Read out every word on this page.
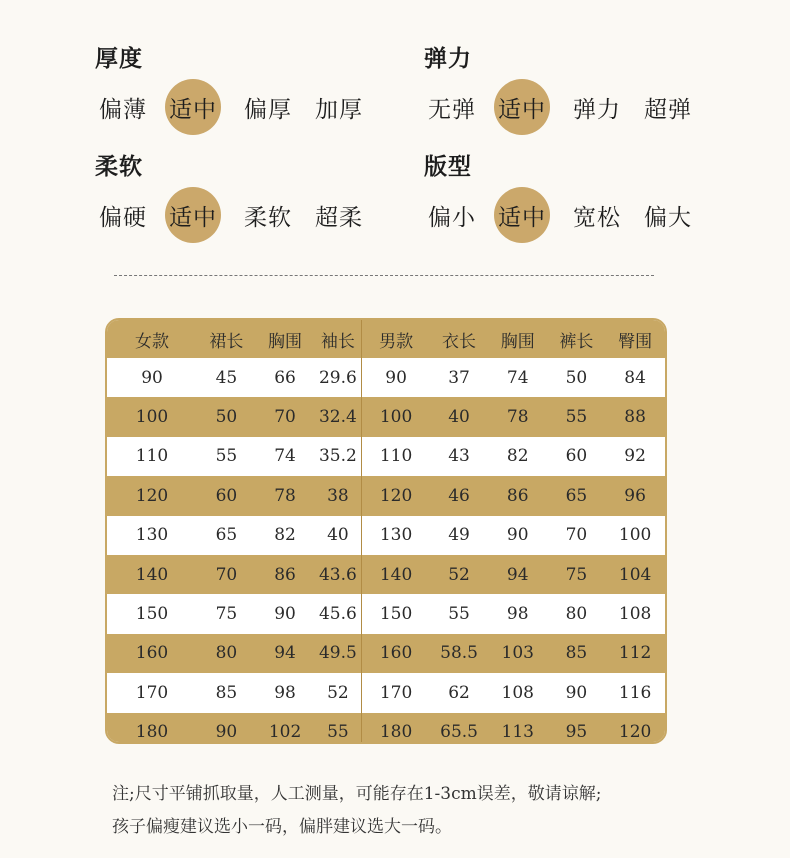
厚度
偏薄 适中 偏厚 加厚
弹力
无弹 适中 弹力 超弹
柔软
偏硬 适中 柔软 超柔
版型
偏小 适中 宽松 偏大
女款	裙长	胸围	袖长	男款	衣长	胸围	裤长	臀围
90	45	66	29.6	90	37	74	50	84
100	50	70	32.4	100	40	78	55	88
110	55	74	35.2	110	43	82	60	92
120	60	78	38	120	46	86	65	96
130	65	82	40	130	49	90	70	100
140	70	86	43.6	140	52	94	75	104
150	75	90	45.6	150	55	98	80	108
160	80	94	49.5	160	58.5	103	85	112
170	85	98	52	170	62	108	90	116
180	90	102	55	180	65.5	113	95	120
注;尺寸平铺抓取量，人工测量，可能存在1-3cm误差，敬请谅解;
孩子偏瘦建议选小一码，偏胖建议选大一码。
